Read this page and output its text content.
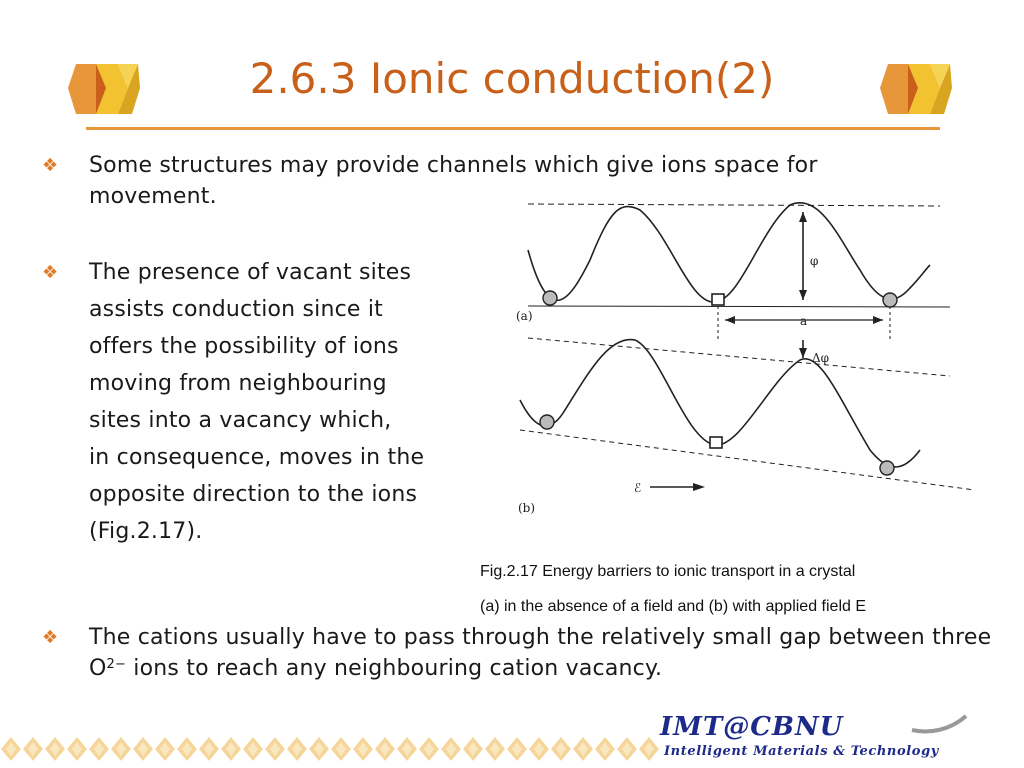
2.6.3 Ionic conduction(2)
❖ Some structures may provide channels which give ions space for movement.
❖ The presence of vacant sites
assists conduction since it
offers the possibility of ions
moving from neighbouring
sites into a vacancy which,
in consequence, moves in the
opposite direction to the ions
(Fig.2.17).
(a)
(b)
a
φ
Δφ
ℰ
Fig.2.17 Energy barriers to ionic transport in a crystal
(a) in the absence of a field and (b) with applied field E
❖ The cations usually have to pass through the relatively small gap between three $O^{2-}$ ions to reach any neighbouring cation vacancy.
IMT@CBNU
Intelligent Materials & Technology
